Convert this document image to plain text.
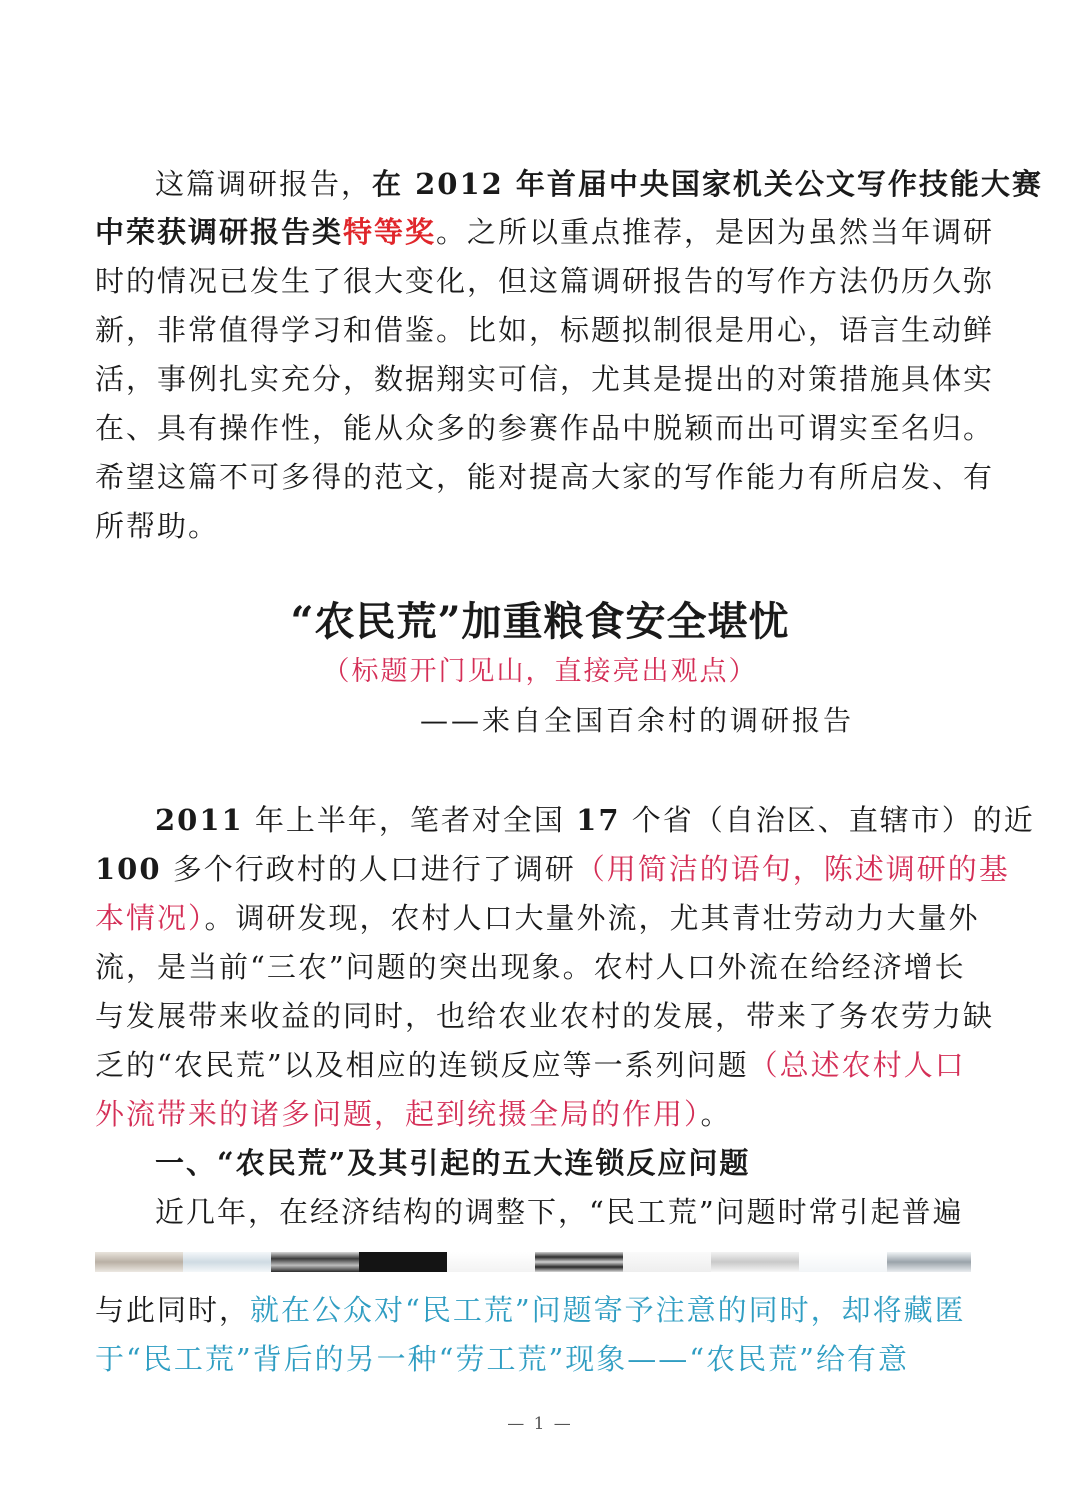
这篇调研报告，在 2012 年首届中央国家机关公文写作技能大赛
中荣获调研报告类特等奖。之所以重点推荐，是因为虽然当年调研
时的情况已发生了很大变化，但这篇调研报告的写作方法仍历久弥
新，非常值得学习和借鉴。比如，标题拟制很是用心，语言生动鲜
活，事例扎实充分，数据翔实可信，尤其是提出的对策措施具体实
在、具有操作性，能从众多的参赛作品中脱颖而出可谓实至名归。
希望这篇不可多得的范文，能对提高大家的写作能力有所启发、有
所帮助。
“农民荒”加重粮食安全堪忧
（标题开门见山，直接亮出观点）
——来自全国百余村的调研报告
2011 年上半年，笔者对全国 17 个省（自治区、直辖市）的近
100 多个行政村的人口进行了调研（用简洁的语句，陈述调研的基
本情况）。调研发现，农村人口大量外流，尤其青壮劳动力大量外
流，是当前“三农”问题的突出现象。农村人口外流在给经济增长
与发展带来收益的同时，也给农业农村的发展，带来了务农劳力缺
乏的“农民荒”以及相应的连锁反应等一系列问题（总述农村人口
外流带来的诸多问题，起到统摄全局的作用）。
一、“农民荒”及其引起的五大连锁反应问题
近几年，在经济结构的调整下，“民工荒”问题时常引起普遍
与此同时，就在公众对“民工荒”问题寄予注意的同时，却将藏匿
于“民工荒”背后的另一种“劳工荒”现象——“农民荒”给有意
— 1 —
